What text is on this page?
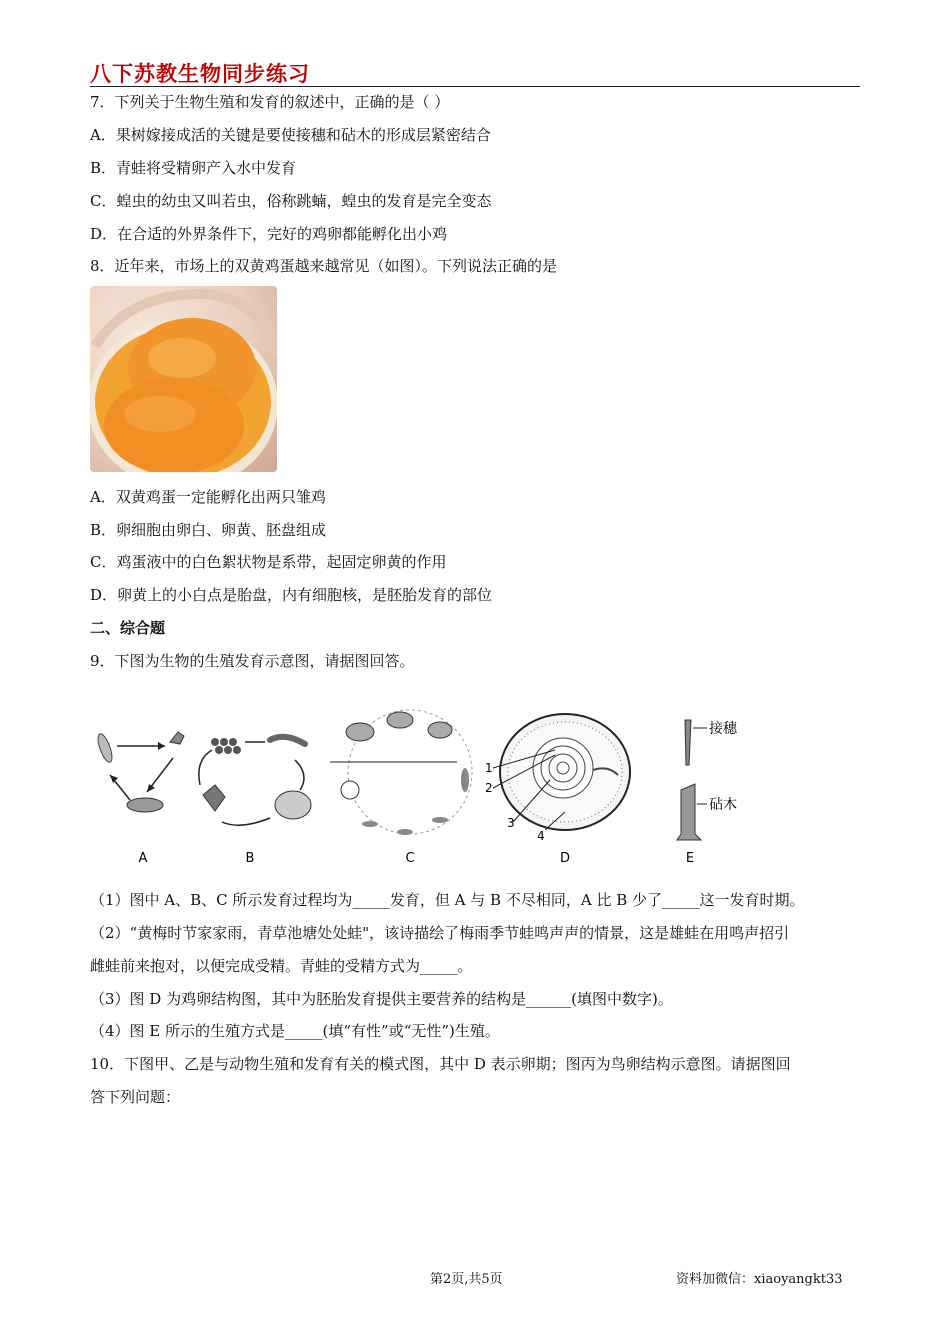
八下苏教生物同步练习
7．下列关于生物生殖和发育的叙述中，正确的是（ ）
A．果树嫁接成活的关键是要使接穗和砧木的形成层紧密结合
B．青蛙将受精卵产入水中发育
C．蝗虫的幼虫又叫若虫，俗称跳蝻，蝗虫的发育是完全变态
D．在合适的外界条件下，完好的鸡卵都能孵化出小鸡
8．近年来，市场上的双黄鸡蛋越来越常见（如图）。下列说法正确的是
A．双黄鸡蛋一定能孵化出两只雏鸡
B．卵细胞由卵白、卵黄、胚盘组成
C．鸡蛋液中的白色絮状物是系带，起固定卵黄的作用
D．卵黄上的小白点是胎盘，内有细胞核，是胚胎发育的部位
二、综合题
9．下图为生物的生殖发育示意图，请据图回答。
A	B	C
1
2
3
4
D
接穗
砧木
E
（1）图中 A、B、C 所示发育过程均为_____发育，但 A 与 B 不尽相同，A 比 B 少了_____这一发育时期。
（2）“黄梅时节家家雨，青草池塘处处蛙"，该诗描绘了梅雨季节蛙鸣声声的情景，这是雄蛙在用鸣声招引
雌蛙前来抱对，以便完成受精。青蛙的受精方式为_____。
（3）图 D 为鸡卵结构图，其中为胚胎发育提供主要营养的结构是______(填图中数字)。
（4）图 E 所示的生殖方式是_____(填“有性”或“无性”)生殖。
10．下图甲、乙是与动物生殖和发育有关的模式图，其中 D 表示卵期；图丙为鸟卵结构示意图。请据图回
答下列问题：
第2页,共5页	资料加微信：xiaoyangkt33
